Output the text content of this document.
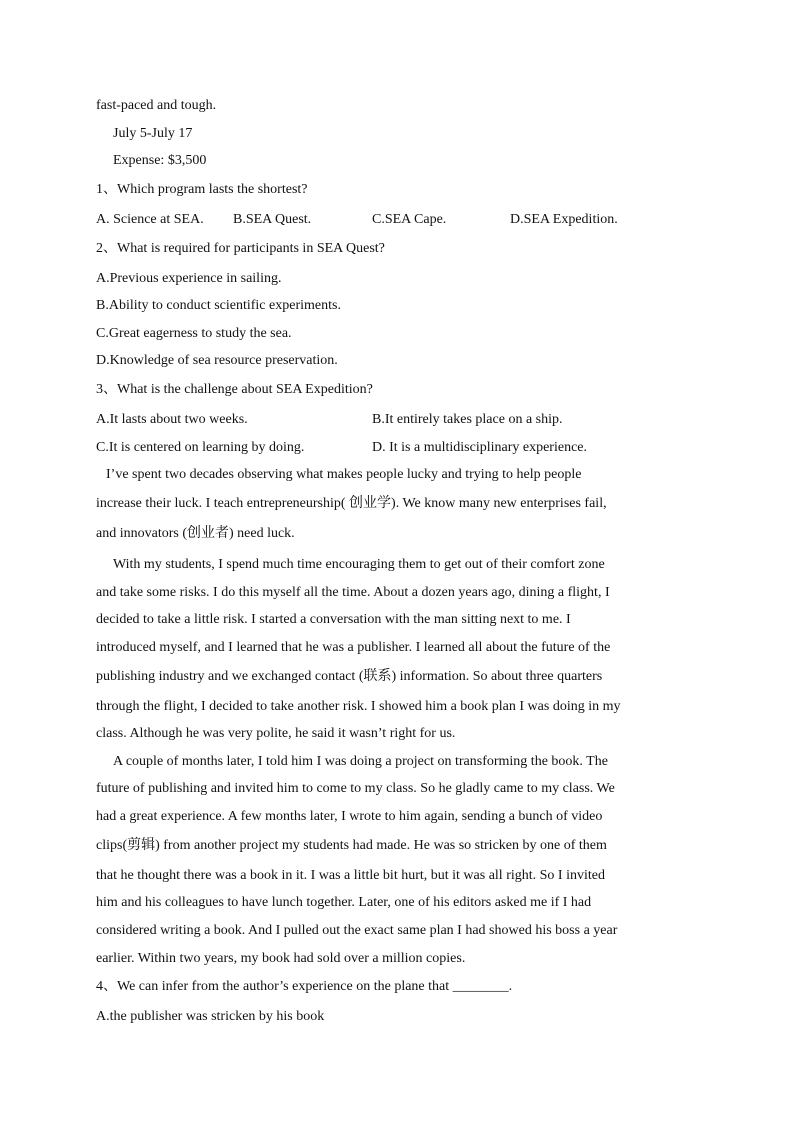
fast-paced and tough.
July 5-July 17
Expense: $3,500
1、Which program lasts the shortest?
A. Science at SEA. B.SEA Quest.	C.SEA Cape.	D.SEA Expedition.
2、What is required for participants in SEA Quest?
A.Previous experience in sailing.
B.Ability to conduct scientific experiments.
C.Great eagerness to study the sea.
D.Knowledge of sea resource preservation.
3、What is the challenge about SEA Expedition?
A.It lasts about two weeks.	B.It entirely takes place on a ship.
C.It is centered on learning by doing.	D. It is a multidisciplinary experience.
I’ve spent two decades observing what makes people lucky and trying to help people
increase their luck. I teach entrepreneurship( 创业学). We know many new enterprises fail,
and innovators (创业者) need luck.
With my students, I spend much time encouraging them to get out of their comfort zone
and take some risks. I do this myself all the time. About a dozen years ago, dining a flight, I
decided to take a little risk. I started a conversation with the man sitting next to me. I
introduced myself, and I learned that he was a publisher. I learned all about the future of the
publishing industry and we exchanged contact (联系) information. So about three quarters
through the flight, I decided to take another risk. I showed him a book plan I was doing in my
class. Although he was very polite, he said it wasn’t right for us.
A couple of months later, I told him I was doing a project on transforming the book. The
future of publishing and invited him to come to my class. So he gladly came to my class. We
had a great experience. A few months later, I wrote to him again, sending a bunch of video
clips(剪辑) from another project my students had made. He was so stricken by one of them
that he thought there was a book in it. I was a little bit hurt, but it was all right. So I invited
him and his colleagues to have lunch together. Later, one of his editors asked me if I had
considered writing a book. And I pulled out the exact same plan I had showed his boss a year
earlier. Within two years, my book had sold over a million copies.
4、We can infer from the author’s experience on the plane that ________.
A.the publisher was stricken by his book
